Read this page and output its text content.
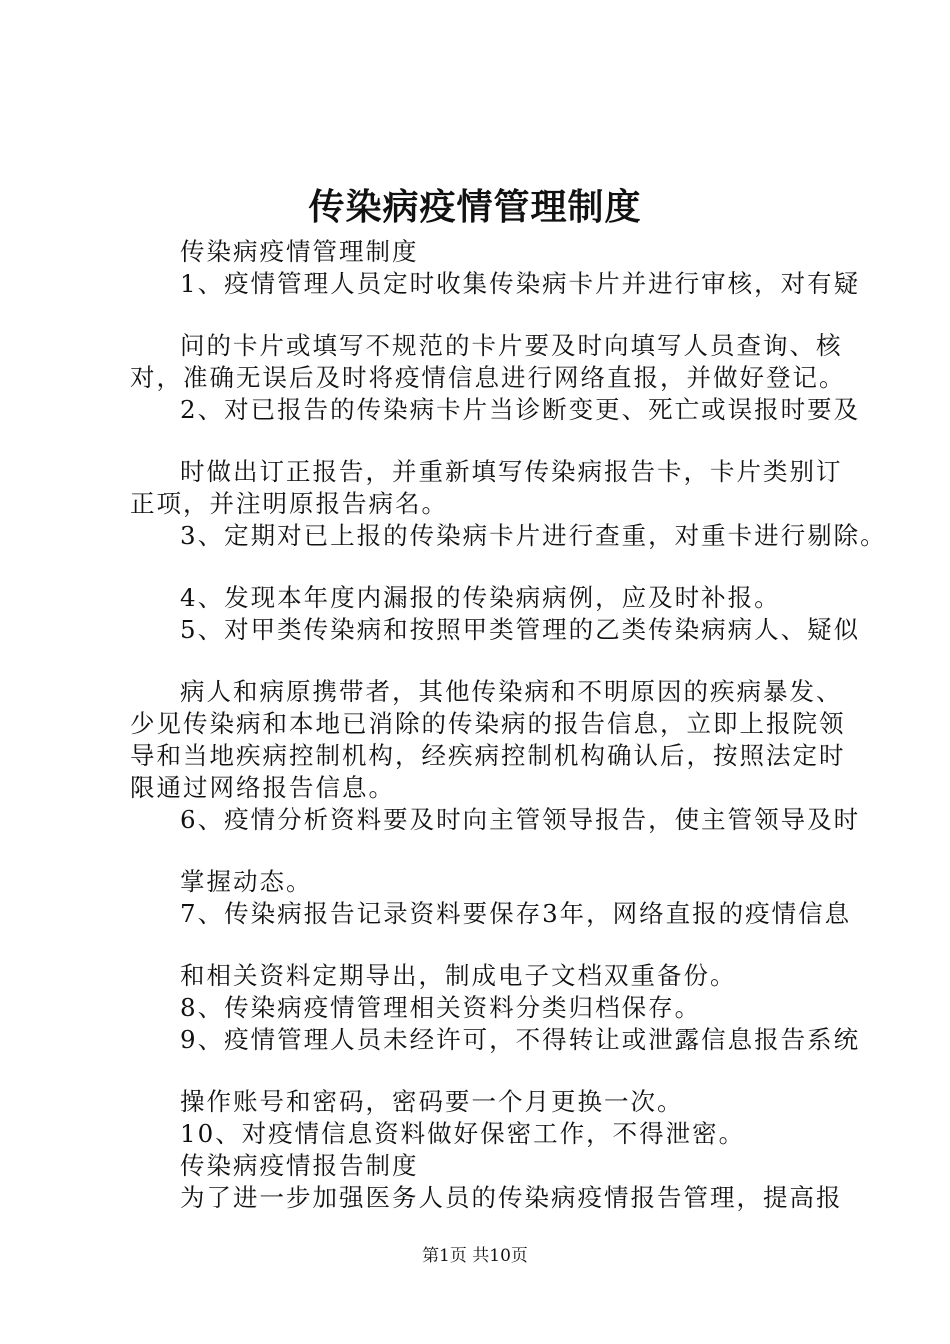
传染病疫情管理制度
传染病疫情管理制度
1、疫情管理人员定时收集传染病卡片并进行审核，对有疑
问的卡片或填写不规范的卡片要及时向填写人员查询、核
对，准确无误后及时将疫情信息进行网络直报，并做好登记。
2、对已报告的传染病卡片当诊断变更、死亡或误报时要及
时做出订正报告，并重新填写传染病报告卡，卡片类别订
正项，并注明原报告病名。
3、定期对已上报的传染病卡片进行查重，对重卡进行剔除。
4、发现本年度内漏报的传染病病例，应及时补报。
5、对甲类传染病和按照甲类管理的乙类传染病病人、疑似
病人和病原携带者，其他传染病和不明原因的疾病暴发、
少见传染病和本地已消除的传染病的报告信息，立即上报院领
导和当地疾病控制机构，经疾病控制机构确认后，按照法定时
限通过网络报告信息。
6、疫情分析资料要及时向主管领导报告，使主管领导及时
掌握动态。
7、传染病报告记录资料要保存3年，网络直报的疫情信息
和相关资料定期导出，制成电子文档双重备份。
8、传染病疫情管理相关资料分类归档保存。
9、疫情管理人员未经许可，不得转让或泄露信息报告系统
操作账号和密码，密码要一个月更换一次。
10、对疫情信息资料做好保密工作，不得泄密。
传染病疫情报告制度
为了进一步加强医务人员的传染病疫情报告管理，提高报
第1页 共10页
